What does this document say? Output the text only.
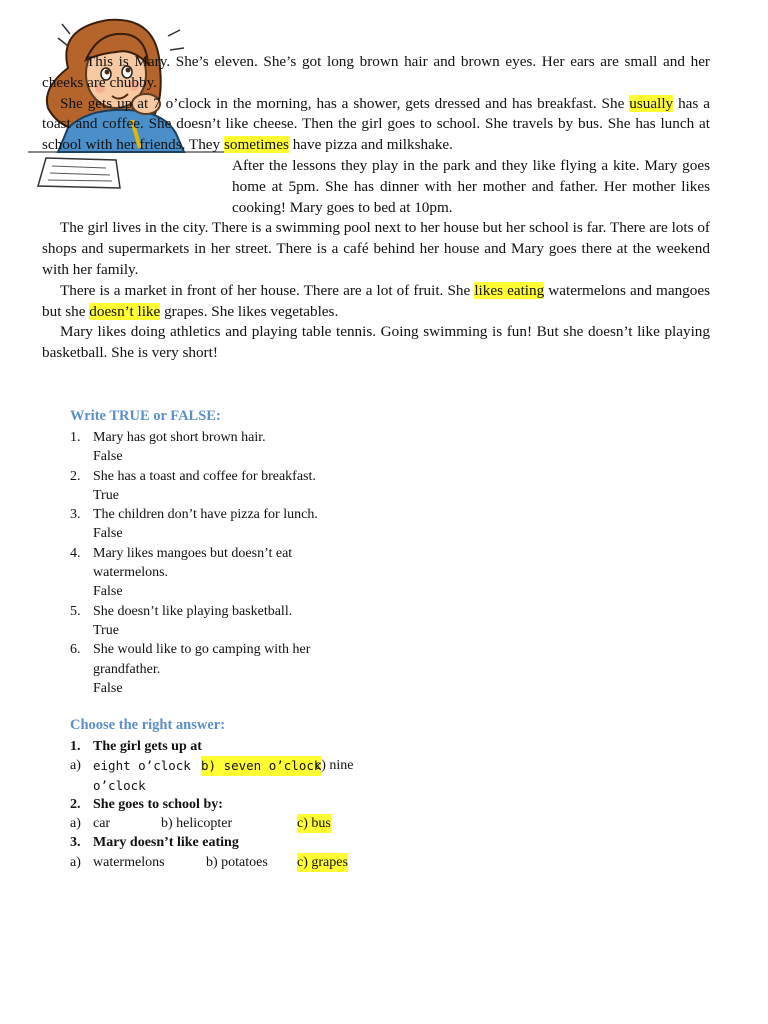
This is Mary. She’s eleven. She’s got long brown hair and brown eyes. Her ears are small and her cheeks are chubby.

She gets up at 7 o’clock in the morning, has a shower, gets dressed and has breakfast. She usually has a toast and coffee. She doesn’t like cheese. Then the girl goes to school. She travels by bus. She has lunch at school with her friends. They sometimes have pizza and milkshake.

After the lessons they play in the park and they like flying a kite. Mary goes home at 5pm. She has dinner with her mother and father. Her mother likes cooking! Mary goes to bed at 10pm.

The girl lives in the city. There is a swimming pool next to her house but her school is far. There are lots of shops and supermarkets in her street. There is a café behind her house and Mary goes there at the weekend with her family.

There is a market in front of her house. There are a lot of fruit. She likes eating watermelons and mangoes but she doesn’t like grapes. She likes vegetables.

Mary likes doing athletics and playing table tennis. Going swimming is fun! But she doesn’t like playing basketball. She is very short!

Write TRUE or FALSE:
1. Mary has got short brown hair.
False
2. She has a toast and coffee for breakfast.
True
3. The children don’t have pizza for lunch.
False
4. Mary likes mangoes but doesn’t eat watermelons.
False
5. She doesn’t like playing basketball.
True
6. She would like to go camping with her grandfather.
False
Choose the right answer:
1. The girl gets up at
a) eight o’clock b) seven o’clock
c) nine
o’clock
2. She goes to school by:
a) car	b) helicopter	c) bus
3. Mary doesn’t like eating
a) watermelons	b) potatoes c) grapes
